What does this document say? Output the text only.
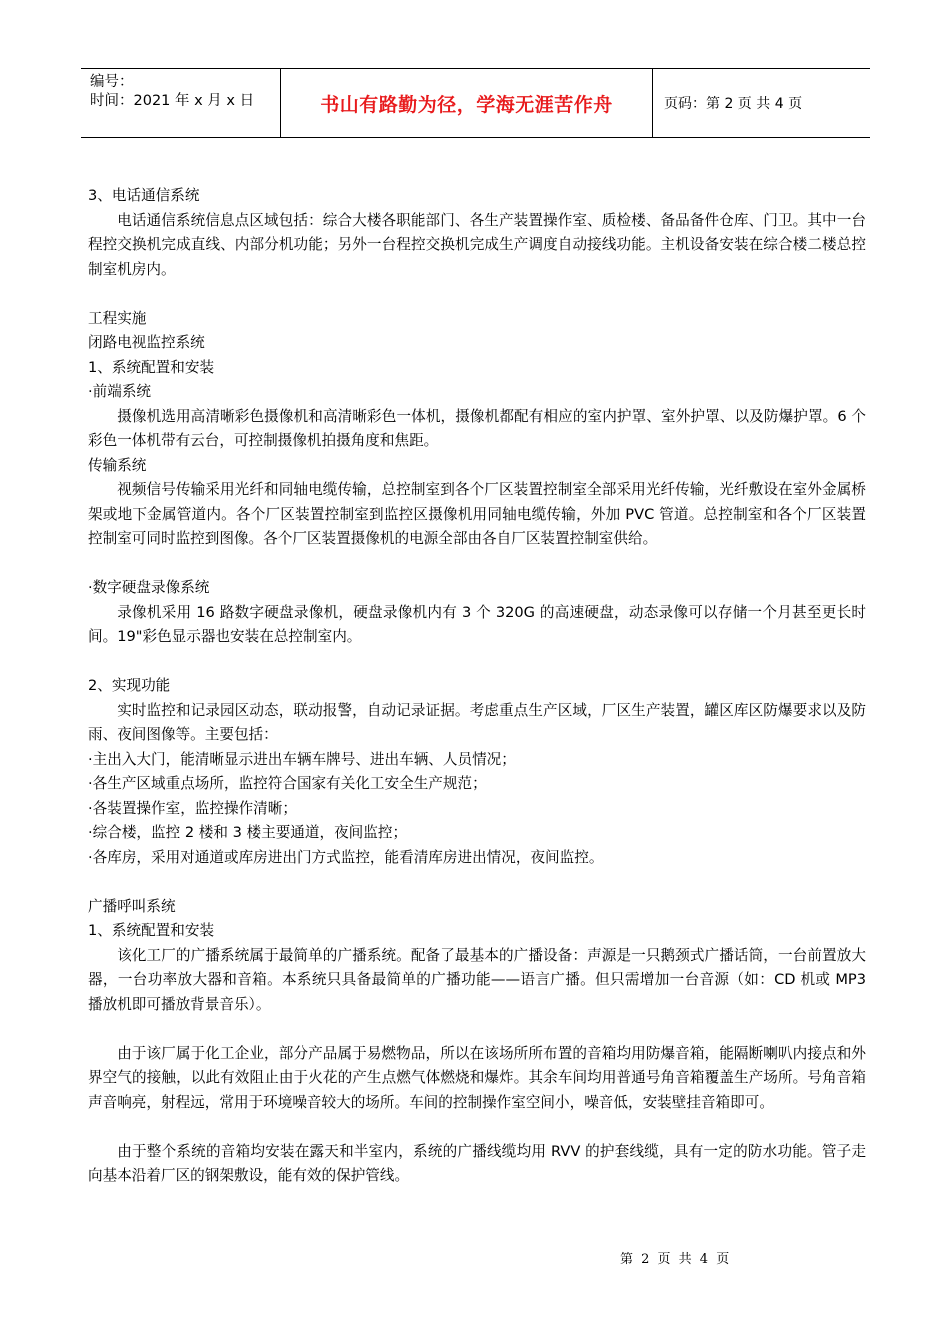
编号：
时间：2021 年 x 月 x 日	书山有路勤为径，学海无涯苦作舟	页码：第 2 页 共 4 页

3、电话通信系统

电话通信系统信息点区域包括：综合大楼各职能部门、各生产装置操作室、质检楼、备品备件仓库、门卫。其中一台程控交换机完成直线、内部分机功能；另外一台程控交换机完成生产调度自动接线功能。主机设备安装在综合楼二楼总控制室机房内。

工程实施

闭路电视监控系统

1、系统配置和安装

·前端系统

摄像机选用高清晰彩色摄像机和高清晰彩色一体机，摄像机都配有相应的室内护罩、室外护罩、以及防爆护罩。6 个彩色一体机带有云台，可控制摄像机拍摄角度和焦距。

传输系统

视频信号传输采用光纤和同轴电缆传输，总控制室到各个厂区装置控制室全部采用光纤传输，光纤敷设在室外金属桥架或地下金属管道内。各个厂区装置控制室到监控区摄像机用同轴电缆传输，外加 PVC 管道。总控制室和各个厂区装置控制室可同时监控到图像。各个厂区装置摄像机的电源全部由各自厂区装置控制室供给。

·数字硬盘录像系统

录像机采用 16 路数字硬盘录像机，硬盘录像机内有 3 个 320G 的高速硬盘，动态录像可以存储一个月甚至更长时间。19"彩色显示器也安装在总控制室内。

2、实现功能

实时监控和记录园区动态，联动报警，自动记录证据。考虑重点生产区域，厂区生产装置，罐区库区防爆要求以及防雨、夜间图像等。主要包括：

·主出入大门，能清晰显示进出车辆车牌号、进出车辆、人员情况；

·各生产区域重点场所，监控符合国家有关化工安全生产规范；

·各装置操作室，监控操作清晰；

·综合楼，监控 2 楼和 3 楼主要通道，夜间监控；

·各库房，采用对通道或库房进出门方式监控，能看清库房进出情况，夜间监控。

广播呼叫系统

1、系统配置和安装

该化工厂的广播系统属于最简单的广播系统。配备了最基本的广播设备：声源是一只鹅颈式广播话筒，一台前置放大器，一台功率放大器和音箱。本系统只具备最简单的广播功能——语言广播。但只需增加一台音源（如：CD 机或 MP3 播放机即可播放背景音乐）。

由于该厂属于化工企业，部分产品属于易燃物品，所以在该场所所布置的音箱均用防爆音箱，能隔断喇叭内接点和外界空气的接触，以此有效阻止由于火花的产生点燃气体燃烧和爆炸。其余车间均用普通号角音箱覆盖生产场所。号角音箱声音响亮，射程远，常用于环境噪音较大的场所。车间的控制操作室空间小，噪音低，安装壁挂音箱即可。

由于整个系统的音箱均安装在露天和半室内，系统的广播线缆均用 RVV 的护套线缆，具有一定的防水功能。管子走向基本沿着厂区的钢架敷设，能有效的保护管线。

第 2 页 共 4 页
